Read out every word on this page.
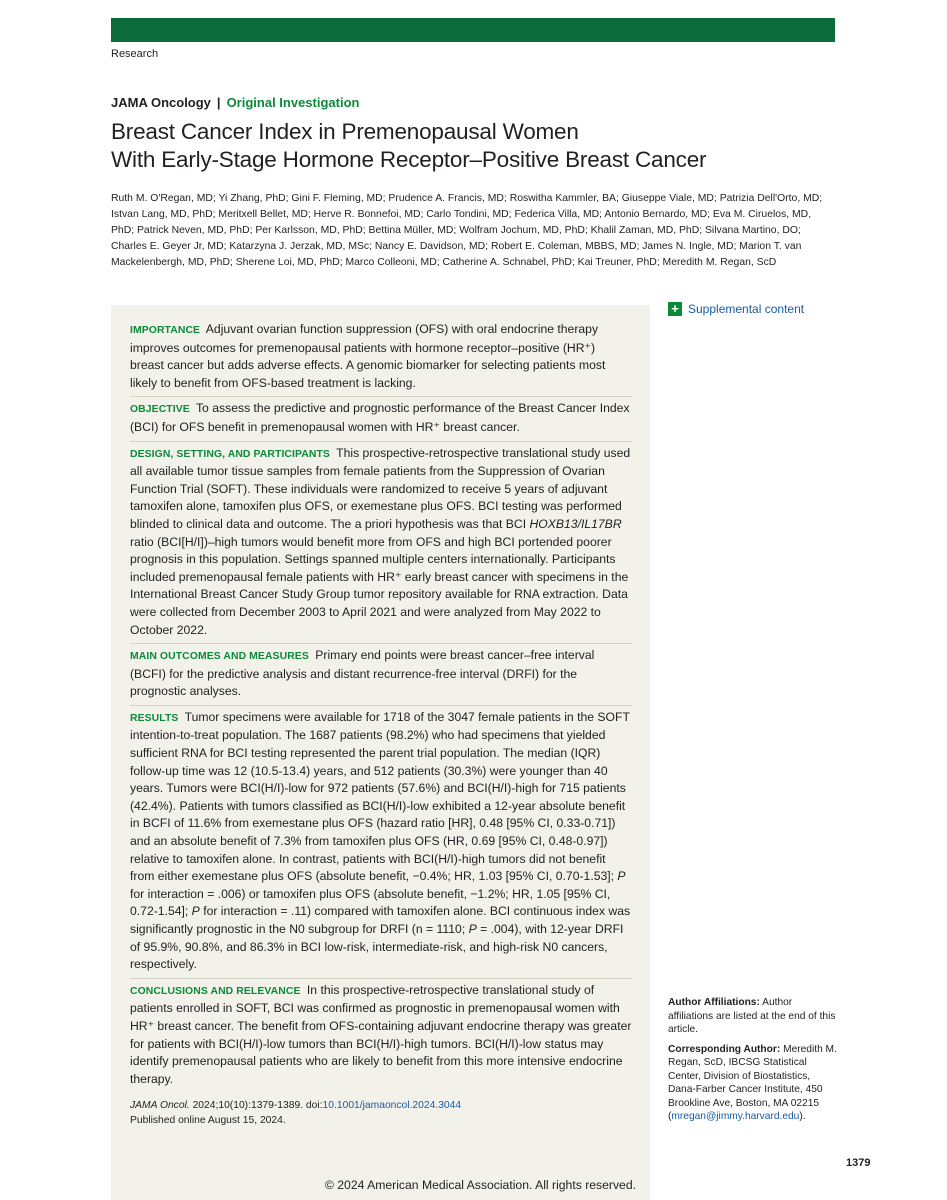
Research
JAMA Oncology | Original Investigation
Breast Cancer Index in Premenopausal Women
With Early-Stage Hormone Receptor–Positive Breast Cancer
Ruth M. O'Regan, MD; Yi Zhang, PhD; Gini F. Fleming, MD; Prudence A. Francis, MD; Roswitha Kammler, BA; Giuseppe Viale, MD; Patrizia Dell'Orto, MD; Istvan Lang, MD, PhD; Meritxell Bellet, MD; Herve R. Bonnefoi, MD; Carlo Tondini, MD; Federica Villa, MD; Antonio Bernardo, MD; Eva M. Ciruelos, MD, PhD; Patrick Neven, MD, PhD; Per Karlsson, MD, PhD; Bettina Müller, MD; Wolfram Jochum, MD, PhD; Khalil Zaman, MD, PhD; Silvana Martino, DO; Charles E. Geyer Jr, MD; Katarzyna J. Jerzak, MD, MSc; Nancy E. Davidson, MD; Robert E. Coleman, MBBS, MD; James N. Ingle, MD; Marion T. van Mackelenbergh, MD, PhD; Sherene Loi, MD, PhD; Marco Colleoni, MD; Catherine A. Schnabel, PhD; Kai Treuner, PhD; Meredith M. Regan, ScD
+ Supplemental content
IMPORTANCE Adjuvant ovarian function suppression (OFS) with oral endocrine therapy improves outcomes for premenopausal patients with hormone receptor–positive (HR⁺) breast cancer but adds adverse effects. A genomic biomarker for selecting patients most likely to benefit from OFS-based treatment is lacking.
OBJECTIVE To assess the predictive and prognostic performance of the Breast Cancer Index (BCI) for OFS benefit in premenopausal women with HR⁺ breast cancer.
DESIGN, SETTING, AND PARTICIPANTS This prospective-retrospective translational study used all available tumor tissue samples from female patients from the Suppression of Ovarian Function Trial (SOFT). These individuals were randomized to receive 5 years of adjuvant tamoxifen alone, tamoxifen plus OFS, or exemestane plus OFS. BCI testing was performed blinded to clinical data and outcome. The a priori hypothesis was that BCI HOXB13/IL17BR ratio (BCI[H/I])–high tumors would benefit more from OFS and high BCI portended poorer prognosis in this population. Settings spanned multiple centers internationally. Participants included premenopausal female patients with HR⁺ early breast cancer with specimens in the International Breast Cancer Study Group tumor repository available for RNA extraction. Data were collected from December 2003 to April 2021 and were analyzed from May 2022 to October 2022.
MAIN OUTCOMES AND MEASURES Primary end points were breast cancer–free interval (BCFI) for the predictive analysis and distant recurrence-free interval (DRFI) for the prognostic analyses.
RESULTS Tumor specimens were available for 1718 of the 3047 female patients in the SOFT intention-to-treat population. The 1687 patients (98.2%) who had specimens that yielded sufficient RNA for BCI testing represented the parent trial population. The median (IQR) follow-up time was 12 (10.5-13.4) years, and 512 patients (30.3%) were younger than 40 years. Tumors were BCI(H/I)-low for 972 patients (57.6%) and BCI(H/I)-high for 715 patients (42.4%). Patients with tumors classified as BCI(H/I)-low exhibited a 12-year absolute benefit in BCFI of 11.6% from exemestane plus OFS (hazard ratio [HR], 0.48 [95% CI, 0.33-0.71]) and an absolute benefit of 7.3% from tamoxifen plus OFS (HR, 0.69 [95% CI, 0.48-0.97]) relative to tamoxifen alone. In contrast, patients with BCI(H/I)-high tumors did not benefit from either exemestane plus OFS (absolute benefit, −0.4%; HR, 1.03 [95% CI, 0.70-1.53]; P for interaction = .006) or tamoxifen plus OFS (absolute benefit, −1.2%; HR, 1.05 [95% CI, 0.72-1.54]; P for interaction = .11) compared with tamoxifen alone. BCI continuous index was significantly prognostic in the N0 subgroup for DRFI (n = 1110; P = .004), with 12-year DRFI of 95.9%, 90.8%, and 86.3% in BCI low-risk, intermediate-risk, and high-risk N0 cancers, respectively.
CONCLUSIONS AND RELEVANCE In this prospective-retrospective translational study of patients enrolled in SOFT, BCI was confirmed as prognostic in premenopausal women with HR⁺ breast cancer. The benefit from OFS-containing adjuvant endocrine therapy was greater for patients with BCI(H/I)-low tumors than BCI(H/I)-high tumors. BCI(H/I)-low status may identify premenopausal patients who are likely to benefit from this more intensive endocrine therapy.
JAMA Oncol. 2024;10(10):1379-1389. doi:10.1001/jamaoncol.2024.3044
Published online August 15, 2024.
© 2024 American Medical Association. All rights reserved.

Author Affiliations: Author affiliations are listed at the end of this article.

Corresponding Author: Meredith M. Regan, ScD, IBCSG Statistical Center, Division of Biostatistics, Dana-Farber Cancer Institute, 450 Brookline Ave, Boston, MA 02215 (mregan@jimmy.harvard.edu).

1379
